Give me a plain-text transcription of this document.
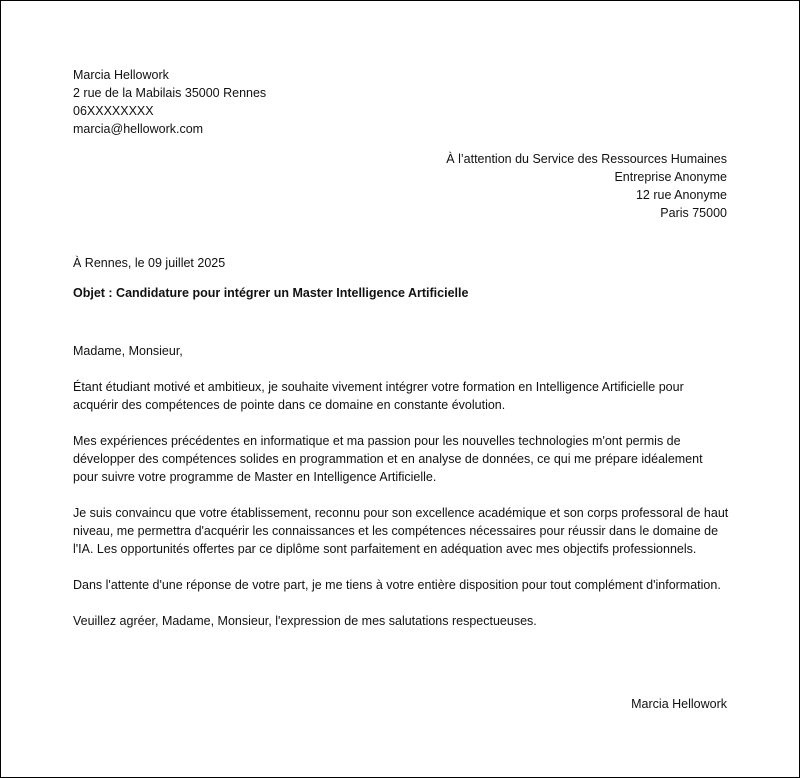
Marcia Hellowork
2 rue de la Mabilais 35000 Rennes
06XXXXXXXX
marcia@hellowork.com
À l’attention du Service des Ressources Humaines
Entreprise Anonyme
12 rue Anonyme
Paris 75000
À Rennes, le 09 juillet 2025
Objet : Candidature pour intégrer un Master Intelligence Artificielle

Madame, Monsieur,

Étant étudiant motivé et ambitieux, je souhaite vivement intégrer votre formation en Intelligence Artificielle pour acquérir des compétences de pointe dans ce domaine en constante évolution.

Mes expériences précédentes en informatique et ma passion pour les nouvelles technologies m'ont permis de développer des compétences solides en programmation et en analyse de données, ce qui me prépare idéalement pour suivre votre programme de Master en Intelligence Artificielle.

Je suis convaincu que votre établissement, reconnu pour son excellence académique et son corps professoral de haut niveau, me permettra d'acquérir les connaissances et les compétences nécessaires pour réussir dans le domaine de l'IA. Les opportunités offertes par ce diplôme sont parfaitement en adéquation avec mes objectifs professionnels.

Dans l'attente d'une réponse de votre part, je me tiens à votre entière disposition pour tout complément d'information.

Veuillez agréer, Madame, Monsieur, l'expression de mes salutations respectueuses.

Marcia Hellowork
